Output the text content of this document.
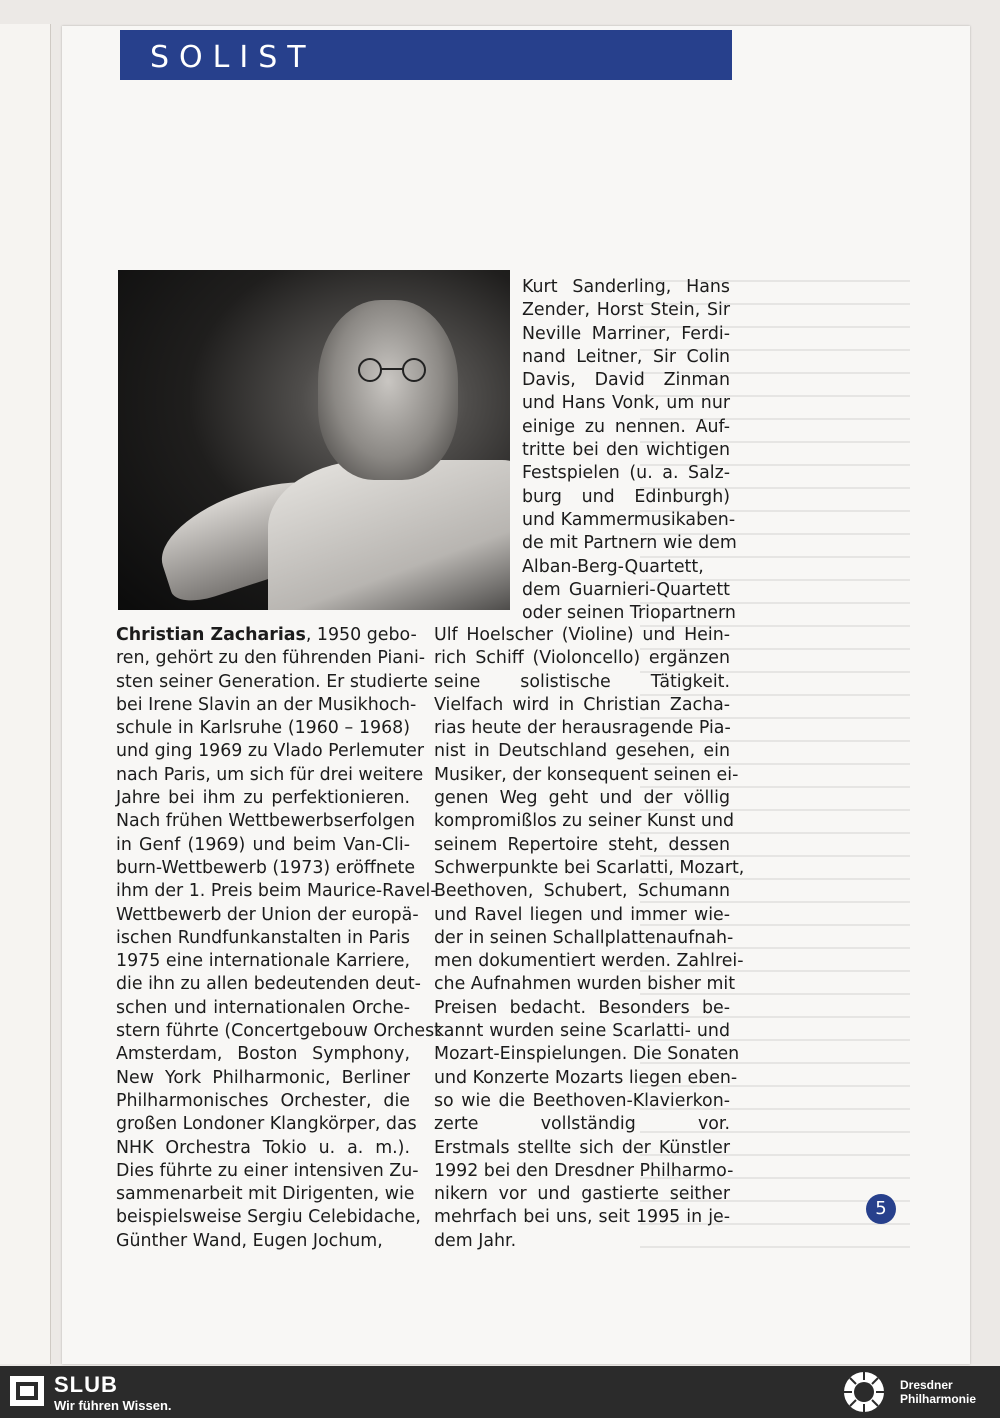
SOLIST
Kurt Sanderling, Hans
Zender, Horst Stein, Sir
Neville Marriner, Ferdi-
nand Leitner, Sir Colin
Davis, David Zinman
und Hans Vonk, um nur
einige zu nennen. Auf-
tritte bei den wichtigen
Festspielen (u. a. Salz-
burg und Edinburgh)
und Kammermusikaben-
de mit Partnern wie dem
Alban-Berg-Quartett,
dem Guarnieri-Quartett
oder seinen Triopartnern
Christian Zacharias, 1950 gebo-
ren, gehört zu den führenden Piani-
sten seiner Generation. Er studierte
bei Irene Slavin an der Musikhoch-
schule in Karlsruhe (1960 – 1968)
und ging 1969 zu Vlado Perlemuter
nach Paris, um sich für drei weitere
Jahre bei ihm zu perfektionieren.
Nach frühen Wettbewerbserfolgen
in Genf (1969) und beim Van-Cli-
burn-Wettbewerb (1973) eröffnete
ihm der 1. Preis beim Maurice-Ravel-
Wettbewerb der Union der europä-
ischen Rundfunkanstalten in Paris
1975 eine internationale Karriere,
die ihn zu allen bedeutenden deut-
schen und internationalen Orche-
stern führte (Concertgebouw Orchest
Amsterdam, Boston Symphony,
New York Philharmonic, Berliner
Philharmonisches Orchester, die
großen Londoner Klangkörper, das
NHK Orchestra Tokio u. a. m.).
Dies führte zu einer intensiven Zu-
sammenarbeit mit Dirigenten, wie
beispielsweise Sergiu Celebidache,
Günther Wand, Eugen Jochum,
Ulf Hoelscher (Violine) und Hein-
rich Schiff (Violoncello) ergänzen
seine solistische Tätigkeit.
Vielfach wird in Christian Zacha-
rias heute der herausragende Pia-
nist in Deutschland gesehen, ein
Musiker, der konsequent seinen ei-
genen Weg geht und der völlig
kompromißlos zu seiner Kunst und
seinem Repertoire steht, dessen
Schwerpunkte bei Scarlatti, Mozart,
Beethoven, Schubert, Schumann
und Ravel liegen und immer wie-
der in seinen Schallplattenaufnah-
men dokumentiert werden. Zahlrei-
che Aufnahmen wurden bisher mit
Preisen bedacht. Besonders be-
kannt wurden seine Scarlatti- und
Mozart-Einspielungen. Die Sonaten
und Konzerte Mozarts liegen eben-
so wie die Beethoven-Klavierkon-
zerte vollständig vor.
Erstmals stellte sich der Künstler
1992 bei den Dresdner Philharmo-
nikern vor und gastierte seither
mehrfach bei uns, seit 1995 in je-
dem Jahr.
5
SLUB
Wir führen Wissen.
Dresdner
Philharmonie
